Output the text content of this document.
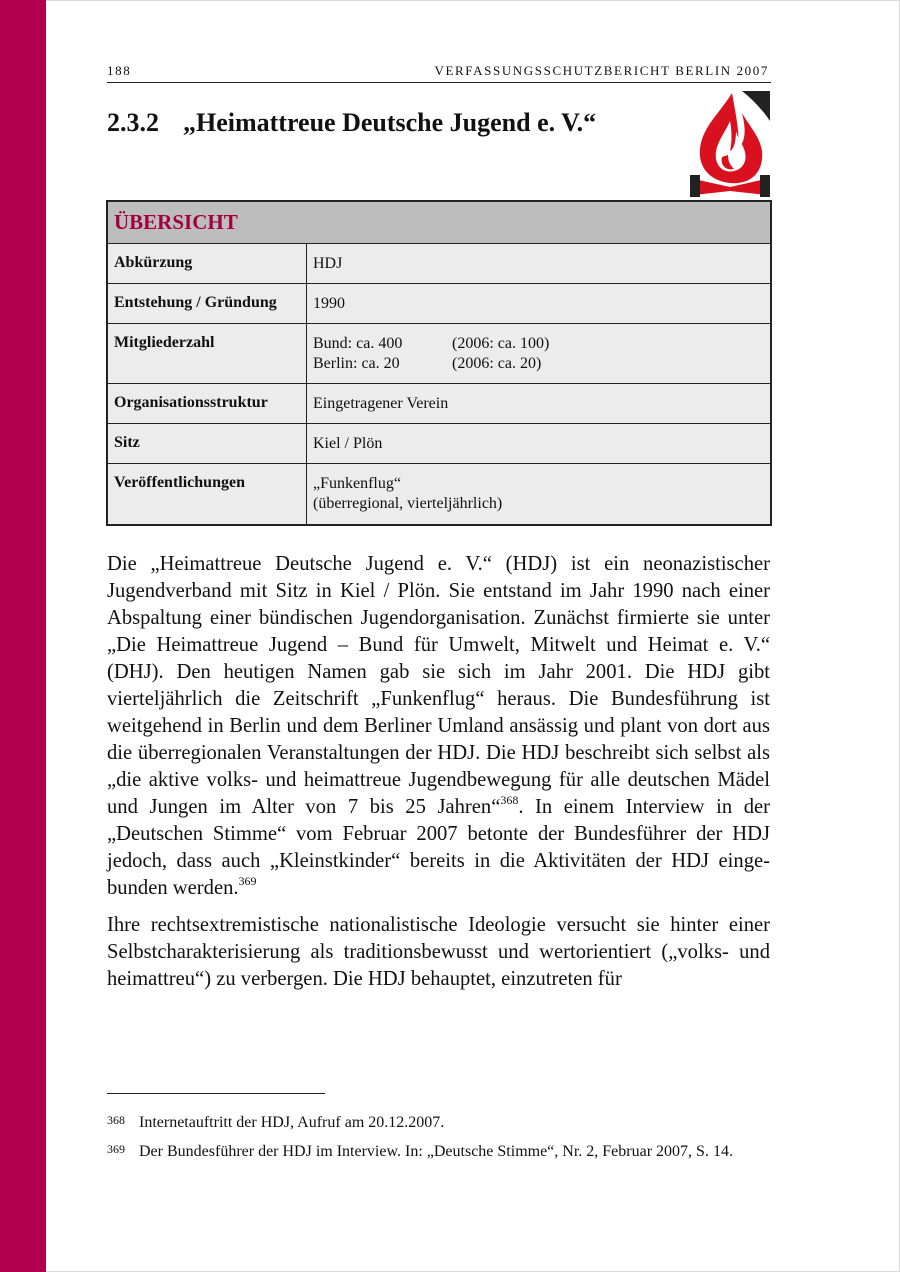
188	VERFASSUNGSSCHUTZBERICHT BERLIN 2007
2.3.2 „Heimattreue Deutsche Jugend e. V.“
ÜBERSICHT
Abkürzung	HDJ
Entstehung / Gründung	1990
Mitgliederzahl	Bund: ca. 400	(2006: ca. 100)
Berlin: ca. 20	(2006: ca. 20)
Organisationsstruktur	Eingetragener Verein
Sitz	Kiel / Plön
Veröffentlichungen	„Funkenflug“
(überregional, vierteljährlich)

Die „Heimattreue Deutsche Jugend e. V.“ (HDJ) ist ein neonazistischer Jugendverband mit Sitz in Kiel / Plön. Sie entstand im Jahr 1990 nach einer Abspaltung einer bündischen Jugendorganisation. Zunächst firmierte sie unter „Die Heimattreue Jugend – Bund für Umwelt, Mitwelt und Heimat e. V.“ (DHJ). Den heutigen Namen gab sie sich im Jahr 2001. Die HDJ gibt vierteljährlich die Zeitschrift „Funkenflug“ heraus. Die Bundesführung ist weitgehend in Berlin und dem Berliner Umland ansässig und plant von dort aus die überregionalen Veranstaltungen der HDJ. Die HDJ beschreibt sich selbst als „die aktive volks- und heimattreue Jugendbewegung für alle deutschen Mädel und Jungen im Alter von 7 bis 25 Jahren“$^{368}$. In einem Interview in der „Deutschen Stimme“ vom Februar 2007 betonte der Bundesführer der HDJ jedoch, dass auch „Kleinstkinder“ bereits in die Aktivitäten der HDJ eingebunden werden.$^{369}$

Ihre rechtsextremistische nationalistische Ideologie versucht sie hinter einer Selbstcharakterisierung als traditionsbewusst und wertorientiert („volks- und heimattreu“) zu verbergen. Die HDJ behauptet, einzutreten für

368 Internetauftritt der HDJ, Aufruf am 20.12.2007.
369 Der Bundesführer der HDJ im Interview. In: „Deutsche Stimme“, Nr. 2, Februar 2007, S. 14.
